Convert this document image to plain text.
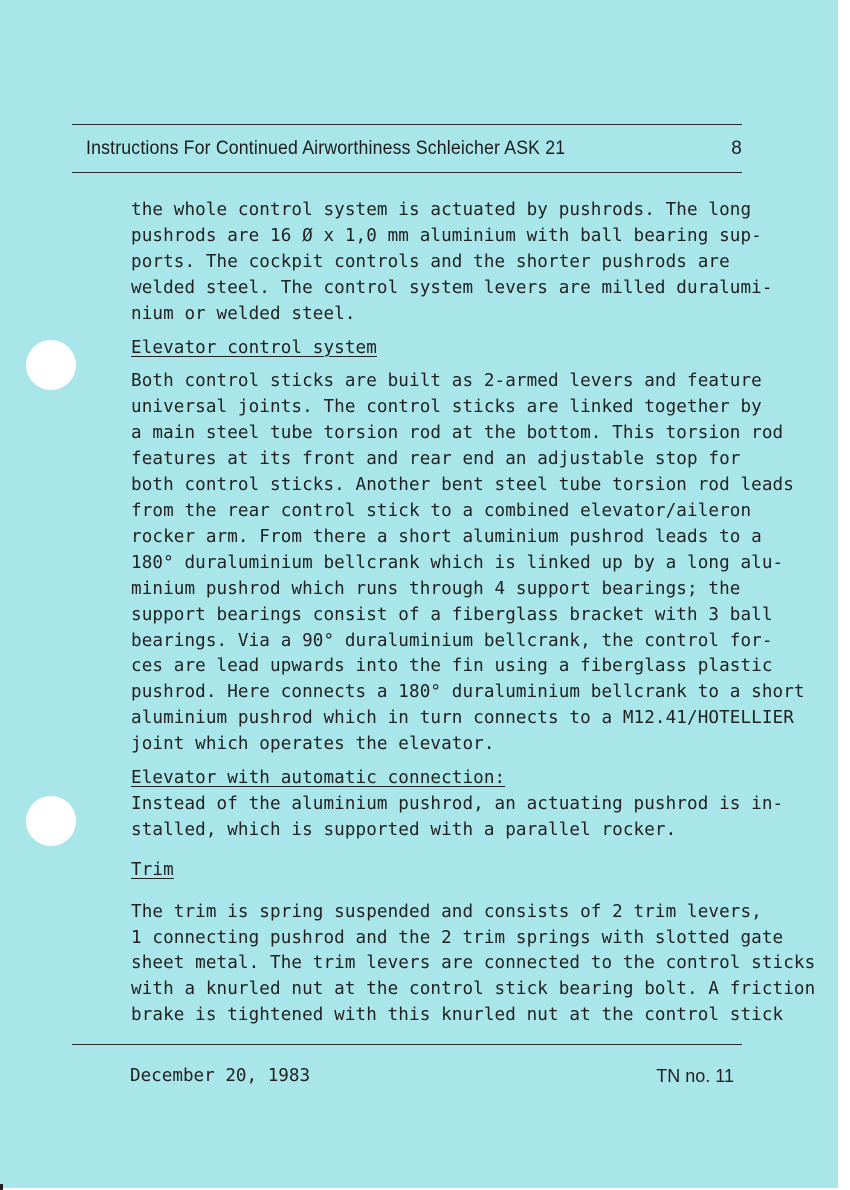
Instructions For Continued Airworthiness Schleicher ASK 21	8

the whole control system is actuated by pushrods. The long
pushrods are 16 Ø x 1,0 mm aluminium with ball bearing sup-
ports. The cockpit controls and the shorter pushrods are
welded steel. The control system levers are milled duralumi-
nium or welded steel.

Elevator control system

Both control sticks are built as 2-armed levers and feature
universal joints. The control sticks are linked together by
a main steel tube torsion rod at the bottom. This torsion rod
features at its front and rear end an adjustable stop for
both control sticks. Another bent steel tube torsion rod leads
from the rear control stick to a combined elevator/aileron
rocker arm. From there a short aluminium pushrod leads to a
180° duraluminium bellcrank which is linked up by a long alu-
minium pushrod which runs through 4 support bearings; the
support bearings consist of a fiberglass bracket with 3 ball
bearings. Via a 90° duraluminium bellcrank, the control for-
ces are lead upwards into the fin using a fiberglass plastic
pushrod. Here connects a 180° duraluminium bellcrank to a short
aluminium pushrod which in turn connects to a M12.41/HOTELLIER
joint which operates the elevator.

Elevator with automatic connection:
Instead of the aluminium pushrod, an actuating pushrod is in-
stalled, which is supported with a parallel rocker.

Trim

The trim is spring suspended and consists of 2 trim levers,
1 connecting pushrod and the 2 trim springs with slotted gate
sheet metal. The trim levers are connected to the control sticks
with a knurled nut at the control stick bearing bolt. A friction
brake is tightened with this knurled nut at the control stick

December 20, 1983	TN no. 11
